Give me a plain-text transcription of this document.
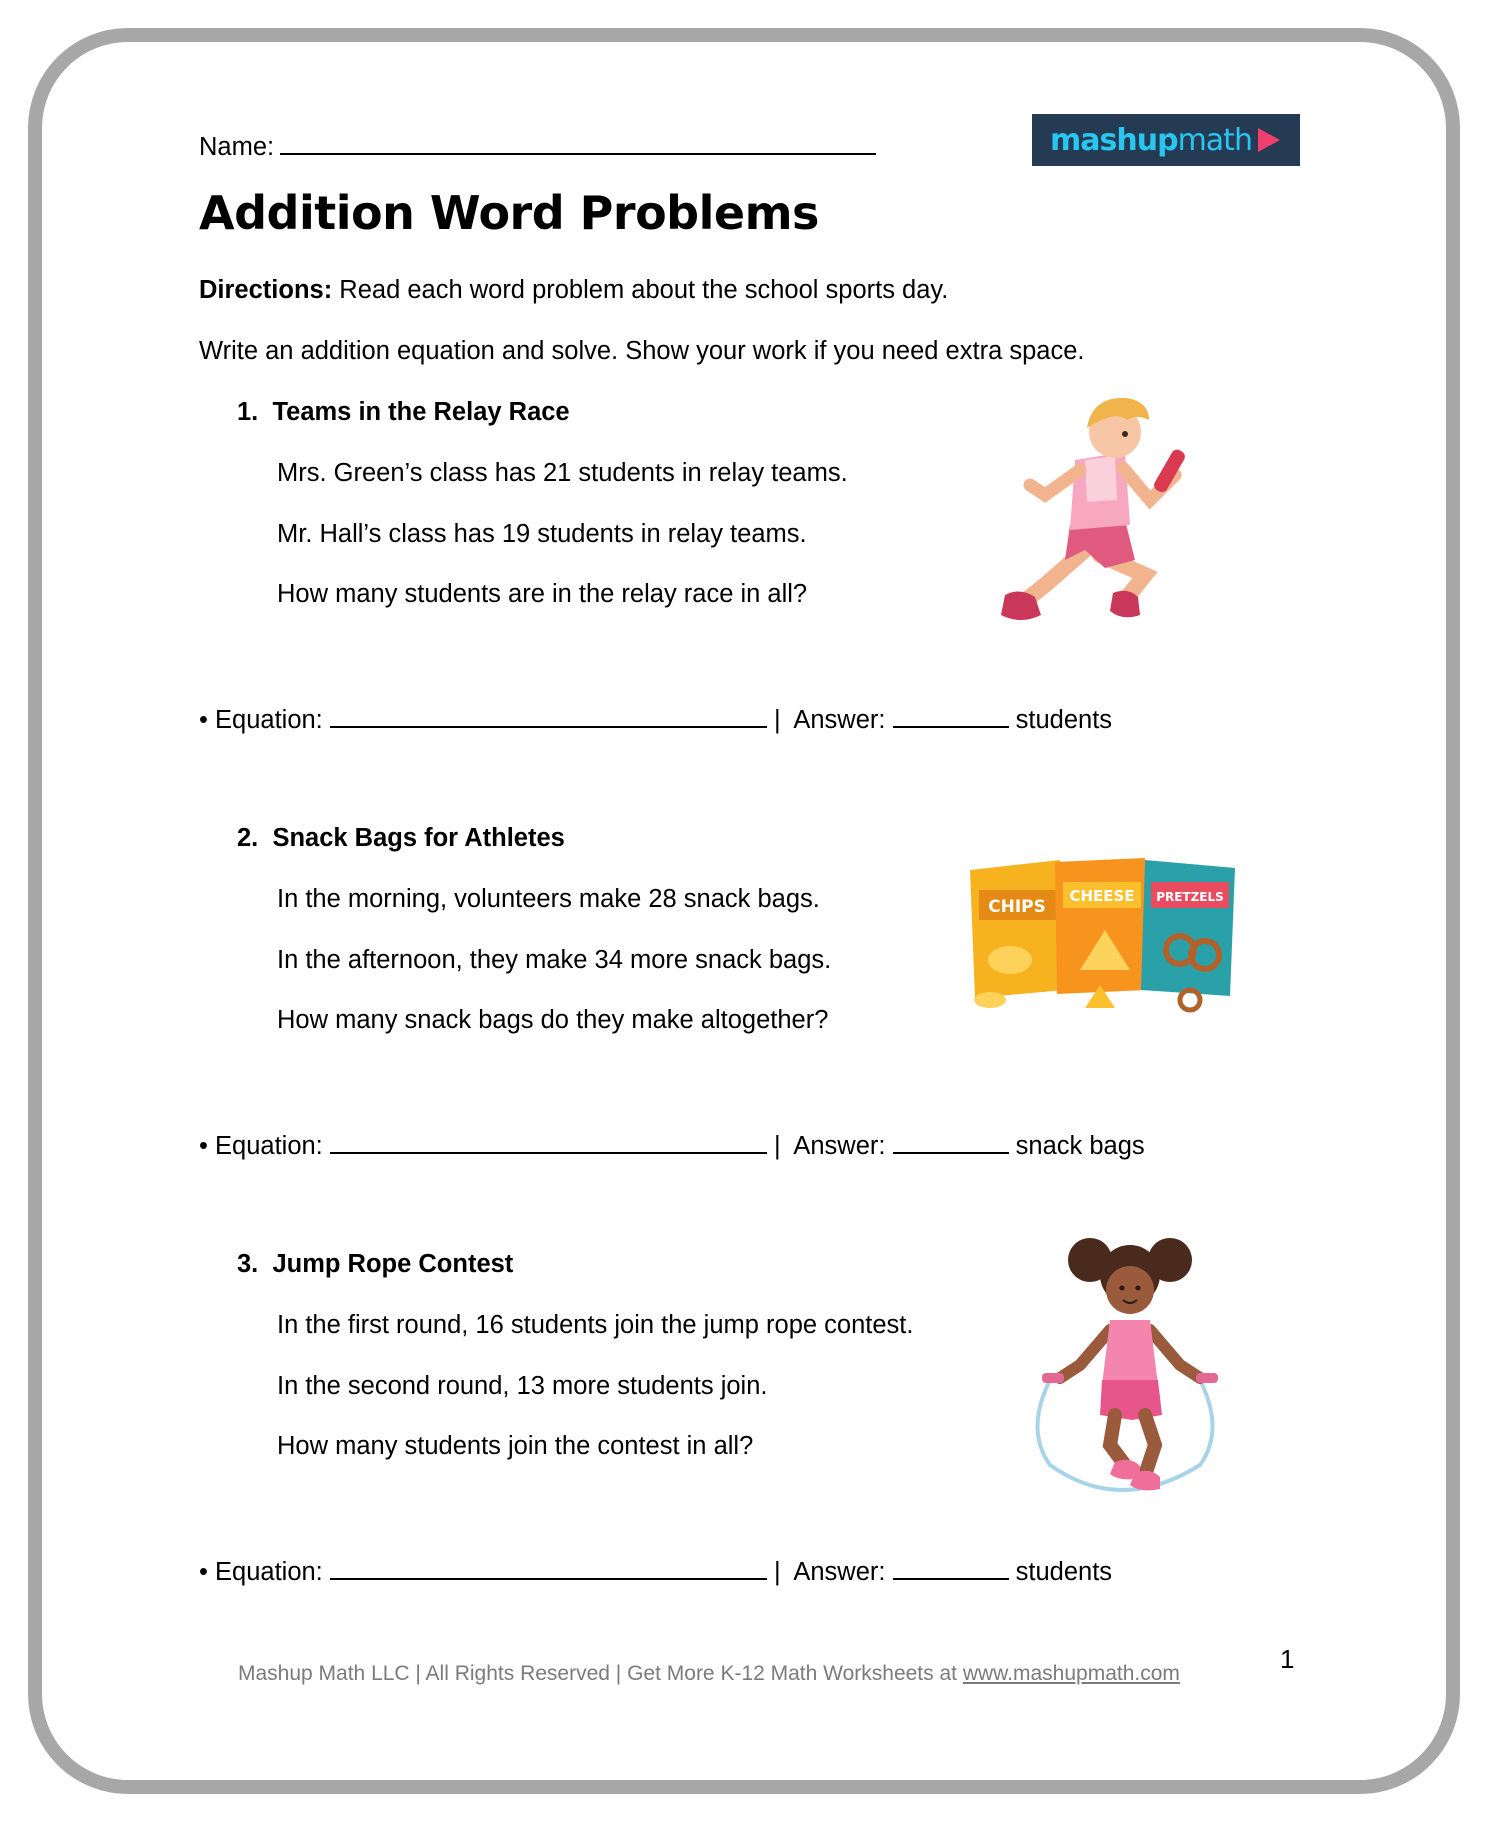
Name:	mashupmath
Addition Word Problems
Directions: Read each word problem about the school sports day.
Write an addition equation and solve. Show your work if you need extra space.
1. Teams in the Relay Race
Mrs. Green’s class has 21 students in relay teams.
Mr. Hall’s class has 19 students in relay teams.
How many students are in the relay race in all?
• Equation:	| Answer:	students
2. Snack Bags for Athletes
In the morning, volunteers make 28 snack bags.
In the afternoon, they make 34 more snack bags.
How many snack bags do they make altogether?
• Equation:	| Answer:	snack bags
CHIPS
CHEESE PRETZELS
3. Jump Rope Contest
In the first round, 16 students join the jump rope contest.
In the second round, 13 more students join.
How many students join the contest in all?
• Equation:	| Answer:	students
Mashup Math LLC | All Rights Reserved | Get More K-12 Math Worksheets at www.mashupmath.com	1
